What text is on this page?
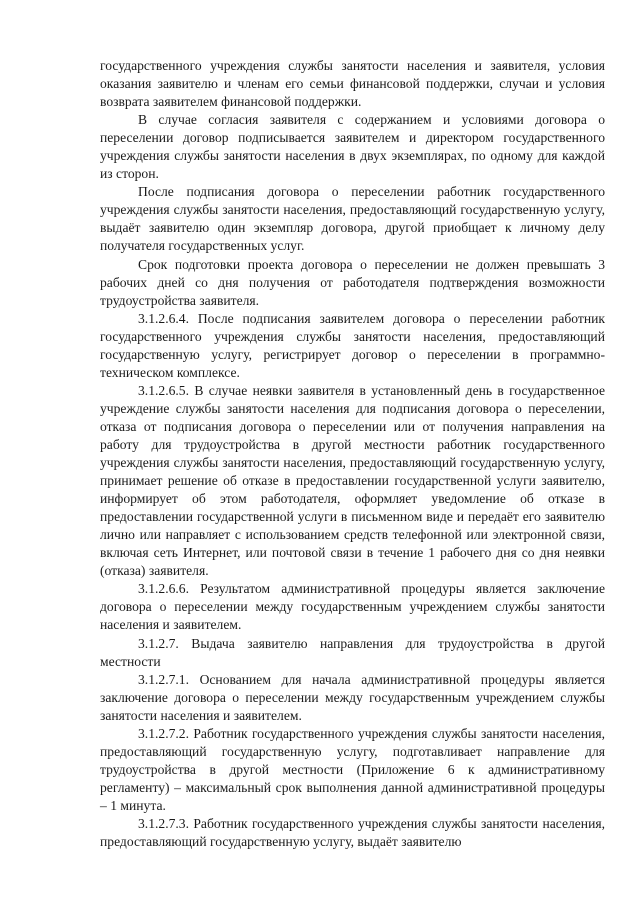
государственного учреждения службы занятости населения и заявителя, условия оказания заявителю и членам его семьи финансовой поддержки, случаи и условия возврата заявителем финансовой поддержки.

В случае согласия заявителя с содержанием и условиями договора о переселении договор подписывается заявителем и директором государственного учреждения службы занятости населения в двух экземплярах, по одному для каждой из сторон.

После подписания договора о переселении работник государственного учреждения службы занятости населения, предоставляющий государственную услугу, выдаёт заявителю один экземпляр договора, другой приобщает к личному делу получателя государственных услуг.

Срок подготовки проекта договора о переселении не должен превышать 3 рабочих дней со дня получения от работодателя подтверждения возможности трудоустройства заявителя.

3.1.2.6.4. После подписания заявителем договора о переселении работник государственного учреждения службы занятости населения, предоставляющий государственную услугу, регистрирует договор о переселении в программно-техническом комплексе.

3.1.2.6.5. В случае неявки заявителя в установленный день в государственное учреждение службы занятости населения для подписания договора о переселении, отказа от подписания договора о переселении или от получения направления на работу для трудоустройства в другой местности работник государственного учреждения службы занятости населения, предоставляющий государственную услугу, принимает решение об отказе в предоставлении государственной услуги заявителю, информирует об этом работодателя, оформляет уведомление об отказе в предоставлении государственной услуги в письменном виде и передаёт его заявителю лично или направляет с использованием средств телефонной или электронной связи, включая сеть Интернет, или почтовой связи в течение 1 рабочего дня со дня неявки (отказа) заявителя.

3.1.2.6.6. Результатом административной процедуры является заключение договора о переселении между государственным учреждением службы занятости населения и заявителем.

3.1.2.7. Выдача заявителю направления для трудоустройства в другой местности

3.1.2.7.1. Основанием для начала административной процедуры является заключение договора о переселении между государственным учреждением службы занятости населения и заявителем.

3.1.2.7.2. Работник государственного учреждения службы занятости населения, предоставляющий государственную услугу, подготавливает направление для трудоустройства в другой местности (Приложение 6 к административному регламенту) – максимальный срок выполнения данной административной процедуры – 1 минута.

3.1.2.7.3. Работник государственного учреждения службы занятости населения, предоставляющий государственную услугу, выдаёт заявителю
